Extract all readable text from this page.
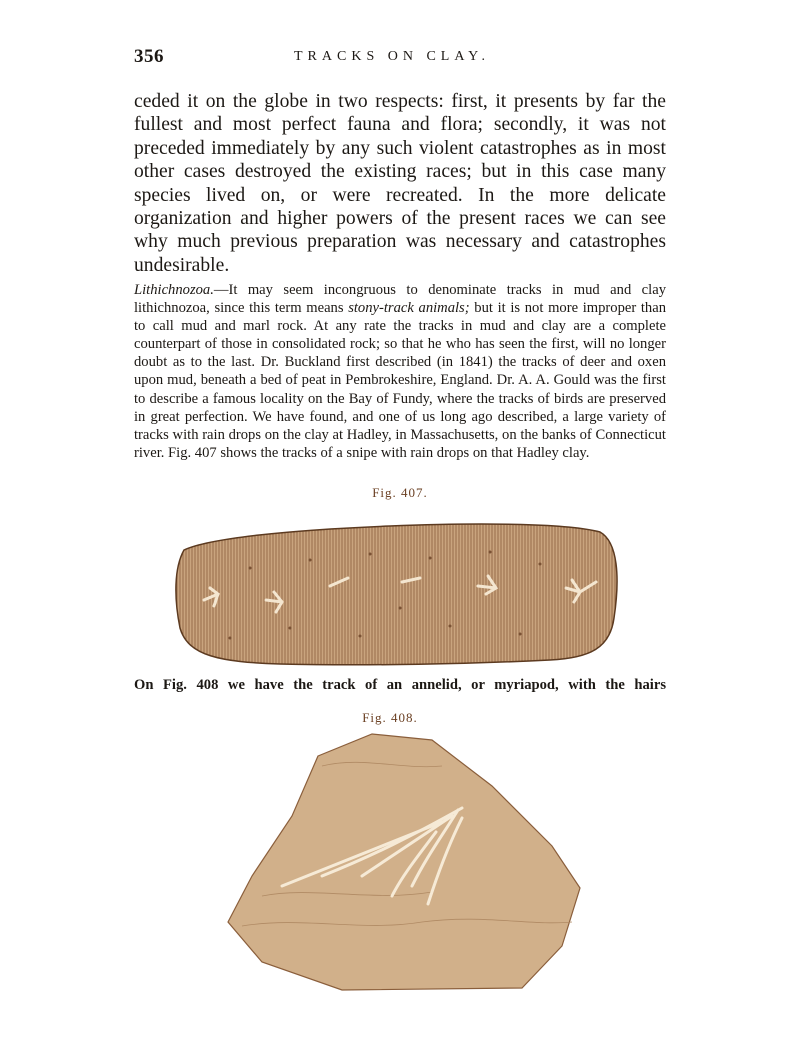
356	TRACKS ON CLAY.

ceded it on the globe in two respects: first, it presents by far the fullest and most perfect fauna and flora; secondly, it was not preceded immediately by any such violent catastrophes as in most other cases destroyed the existing races; but in this case many species lived on, or were recreated. In the more delicate organization and higher powers of the present races we can see why much previous preparation was necessary and catastrophes undesirable.

Lithichnozoa.—It may seem incongruous to denominate tracks in mud and clay lithichnozoa, since this term means stony-track animals; but it is not more improper than to call mud and marl rock. At any rate the tracks in mud and clay are a complete counterpart of those in consolidated rock; so that he who has seen the first, will no longer doubt as to the last. Dr. Buckland first described (in 1841) the tracks of deer and oxen upon mud, beneath a bed of peat in Pembrokeshire, England. Dr. A. A. Gould was the first to describe a famous locality on the Bay of Fundy, where the tracks of birds are preserved in great perfection. We have found, and one of us long ago described, a large variety of tracks with rain drops on the clay at Hadley, in Massachusetts, on the banks of Connecticut river. Fig. 407 shows the tracks of a snipe with rain drops on that Hadley clay.

Fig. 407.

On Fig. 408 we have the track of an annelid, or myriapod, with the hairs

Fig. 408.
